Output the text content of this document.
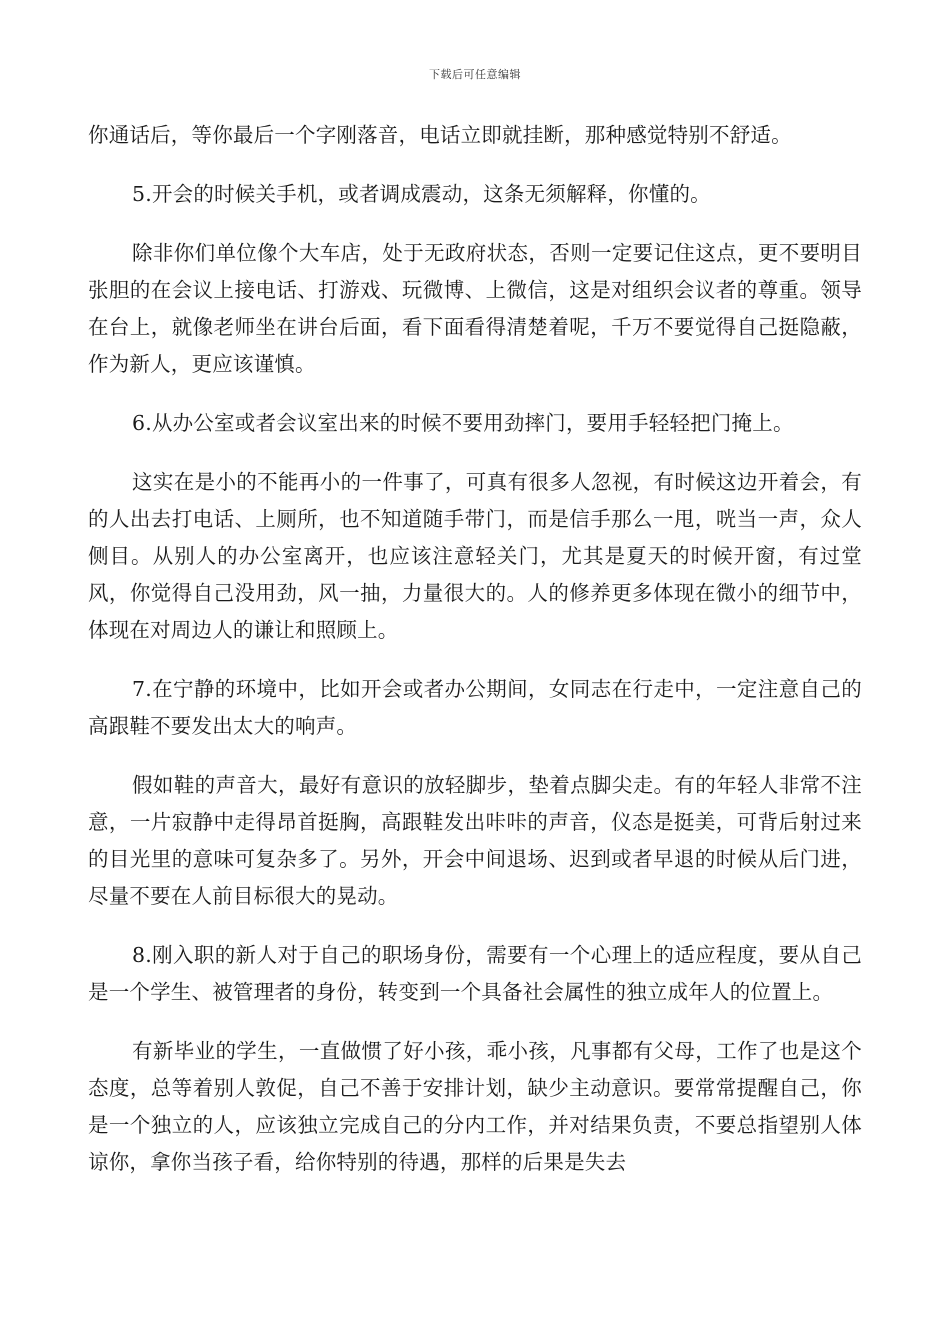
下载后可任意编辑

你通话后，等你最后一个字刚落音，电话立即就挂断，那种感觉特别不舒适。

5.开会的时候关手机，或者调成震动，这条无须解释，你懂的。

除非你们单位像个大车店，处于无政府状态，否则一定要记住这点，更不要明目张胆的在会议上接电话、打游戏、玩微博、上微信，这是对组织会议者的尊重。领导在台上，就像老师坐在讲台后面，看下面看得清楚着呢，千万不要觉得自己挺隐蔽，作为新人，更应该谨慎。

6.从办公室或者会议室出来的时候不要用劲摔门，要用手轻轻把门掩上。

这实在是小的不能再小的一件事了，可真有很多人忽视，有时候这边开着会，有的人出去打电话、上厕所，也不知道随手带门，而是信手那么一甩，咣当一声，众人侧目。从别人的办公室离开，也应该注意轻关门，尤其是夏天的时候开窗，有过堂风，你觉得自己没用劲，风一抽，力量很大的。人的修养更多体现在微小的细节中，体现在对周边人的谦让和照顾上。

7.在宁静的环境中，比如开会或者办公期间，女同志在行走中，一定注意自己的高跟鞋不要发出太大的响声。

假如鞋的声音大，最好有意识的放轻脚步，垫着点脚尖走。有的年轻人非常不注意，一片寂静中走得昂首挺胸，高跟鞋发出咔咔的声音，仪态是挺美，可背后射过来的目光里的意味可复杂多了。另外，开会中间退场、迟到或者早退的时候从后门进，尽量不要在人前目标很大的晃动。

8.刚入职的新人对于自己的职场身份，需要有一个心理上的适应程度，要从自己是一个学生、被管理者的身份，转变到一个具备社会属性的独立成年人的位置上。

有新毕业的学生，一直做惯了好小孩，乖小孩，凡事都有父母，工作了也是这个态度，总等着别人敦促，自己不善于安排计划，缺少主动意识。要常常提醒自己，你是一个独立的人，应该独立完成自己的分内工作，并对结果负责，不要总指望别人体谅你，拿你当孩子看，给你特别的待遇，那样的后果是失去
